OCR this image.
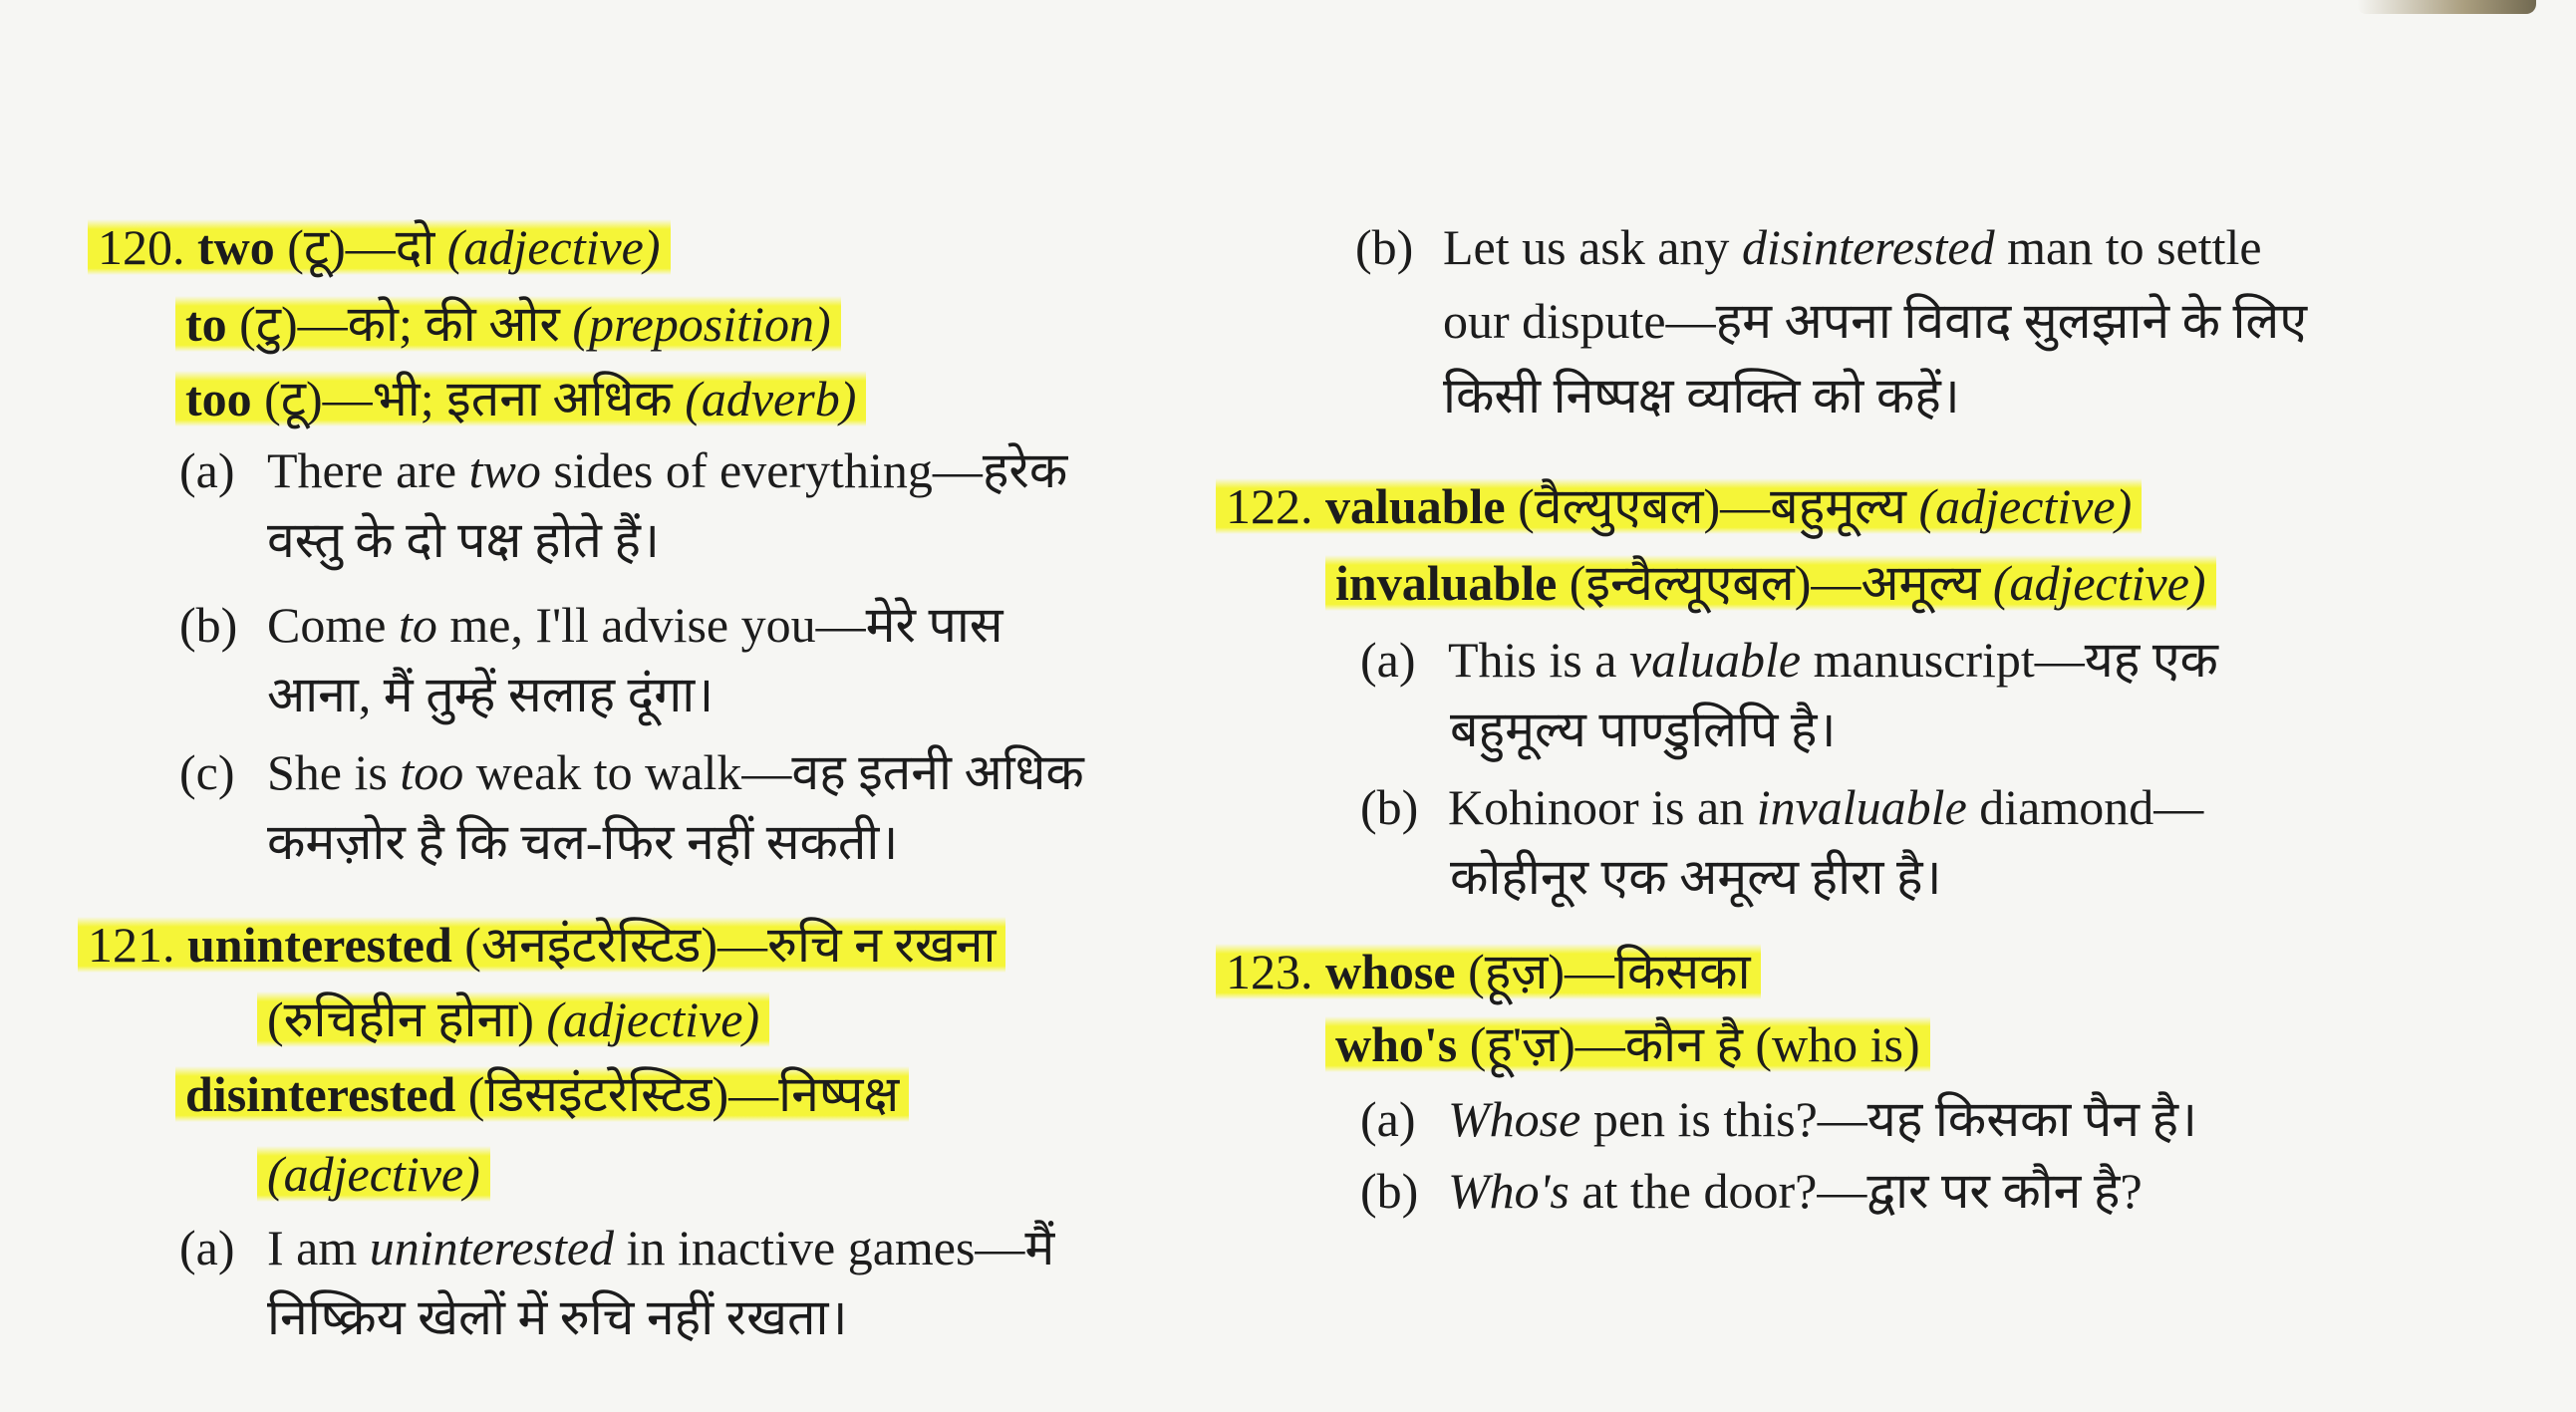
120. two (टू)—दो (adjective)
to (टु)—को; की ओर (preposition)
too (टू)—भी; इतना अधिक (adverb)
(a) There are two sides of everything—हरेक
वस्तु के दो पक्ष होते हैं।
(b) Come to me, I'll advise you—मेरे पास
आना, मैं तुम्हें सलाह दूंगा।
(c) She is too weak to walk—वह इतनी अधिक
कमज़ोर है कि चल-फिर नहीं सकती।
121. uninterested (अनइंटरेस्टिड)—रुचि न रखना
(रुचिहीन होना) (adjective)
disinterested (डिसइंटरेस्टिड)—निष्पक्ष
(adjective)
(a) I am uninterested in inactive games—मैं
निष्क्रिय खेलों में रुचि नहीं रखता।
(b) Let us ask any disinterested man to settle
our dispute—हम अपना विवाद सुलझाने के लिए
किसी निष्पक्ष व्यक्ति को कहें।
122. valuable (वैल्युएबल)—बहुमूल्य (adjective)
invaluable (इन्वैल्यूएबल)—अमूल्य (adjective)
(a) This is a valuable manuscript—यह एक
बहुमूल्य पाण्डुलिपि है।
(b) Kohinoor is an invaluable diamond—
कोहीनूर एक अमूल्य हीरा है।
123. whose (हूज़)—किसका
who's (हू'ज़)—कौन है (who is)
(a) Whose pen is this?—यह किसका पैन है।
(b) Who's at the door?—द्वार पर कौन है?
